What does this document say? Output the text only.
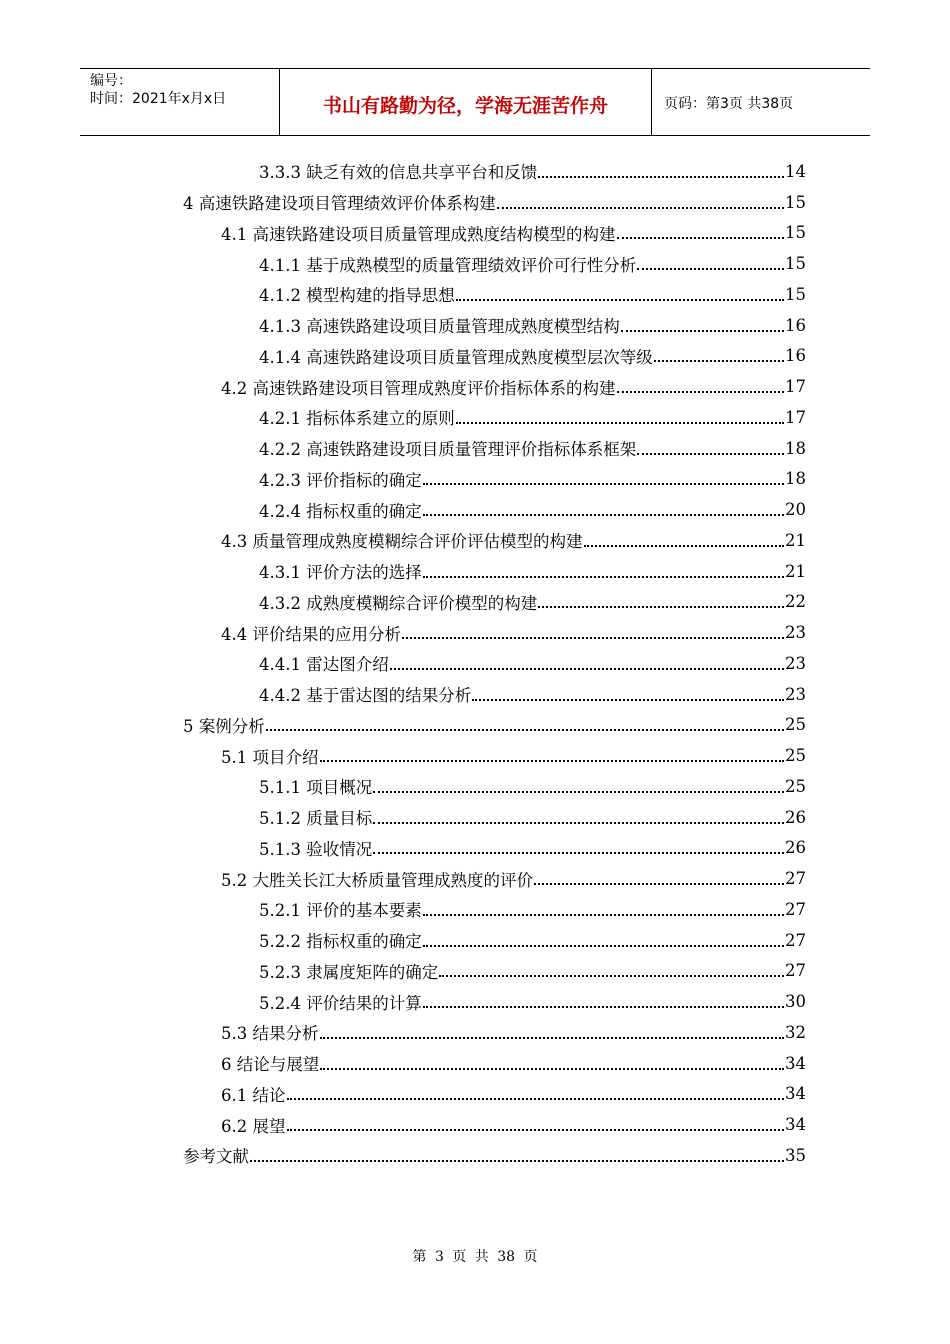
编号：
时间：2021年x月x日	书山有路勤为径，学海无涯苦作舟	页码：第3页 共38页
3.3.3 缺乏有效的信息共享平台和反馈	14
4 高速铁路建设项目管理绩效评价体系构建	15
4.1 高速铁路建设项目质量管理成熟度结构模型的构建	15
4.1.1 基于成熟模型的质量管理绩效评价可行性分析	15
4.1.2 模型构建的指导思想	15
4.1.3 高速铁路建设项目质量管理成熟度模型结构	16
4.1.4 高速铁路建设项目质量管理成熟度模型层次等级	16
4.2 高速铁路建设项目管理成熟度评价指标体系的构建	17
4.2.1 指标体系建立的原则	17
4.2.2 高速铁路建设项目质量管理评价指标体系框架	18
4.2.3 评价指标的确定	18
4.2.4 指标权重的确定	20
4.3 质量管理成熟度模糊综合评价评估模型的构建	21
4.3.1 评价方法的选择	21
4.3.2 成熟度模糊综合评价模型的构建	22
4.4 评价结果的应用分析	23
4.4.1 雷达图介绍	23
4.4.2 基于雷达图的结果分析	23
5 案例分析	25
5.1 项目介绍	25
5.1.1 项目概况	25
5.1.2 质量目标	26
5.1.3 验收情况	26
5.2 大胜关长江大桥质量管理成熟度的评价	27
5.2.1 评价的基本要素	27
5.2.2 指标权重的确定	27
5.2.3 隶属度矩阵的确定	27
5.2.4 评价结果的计算	30
5.3 结果分析	32
6 结论与展望	34
6.1 结论	34
6.2 展望	34
参考文献	35
第 3 页 共 38 页
